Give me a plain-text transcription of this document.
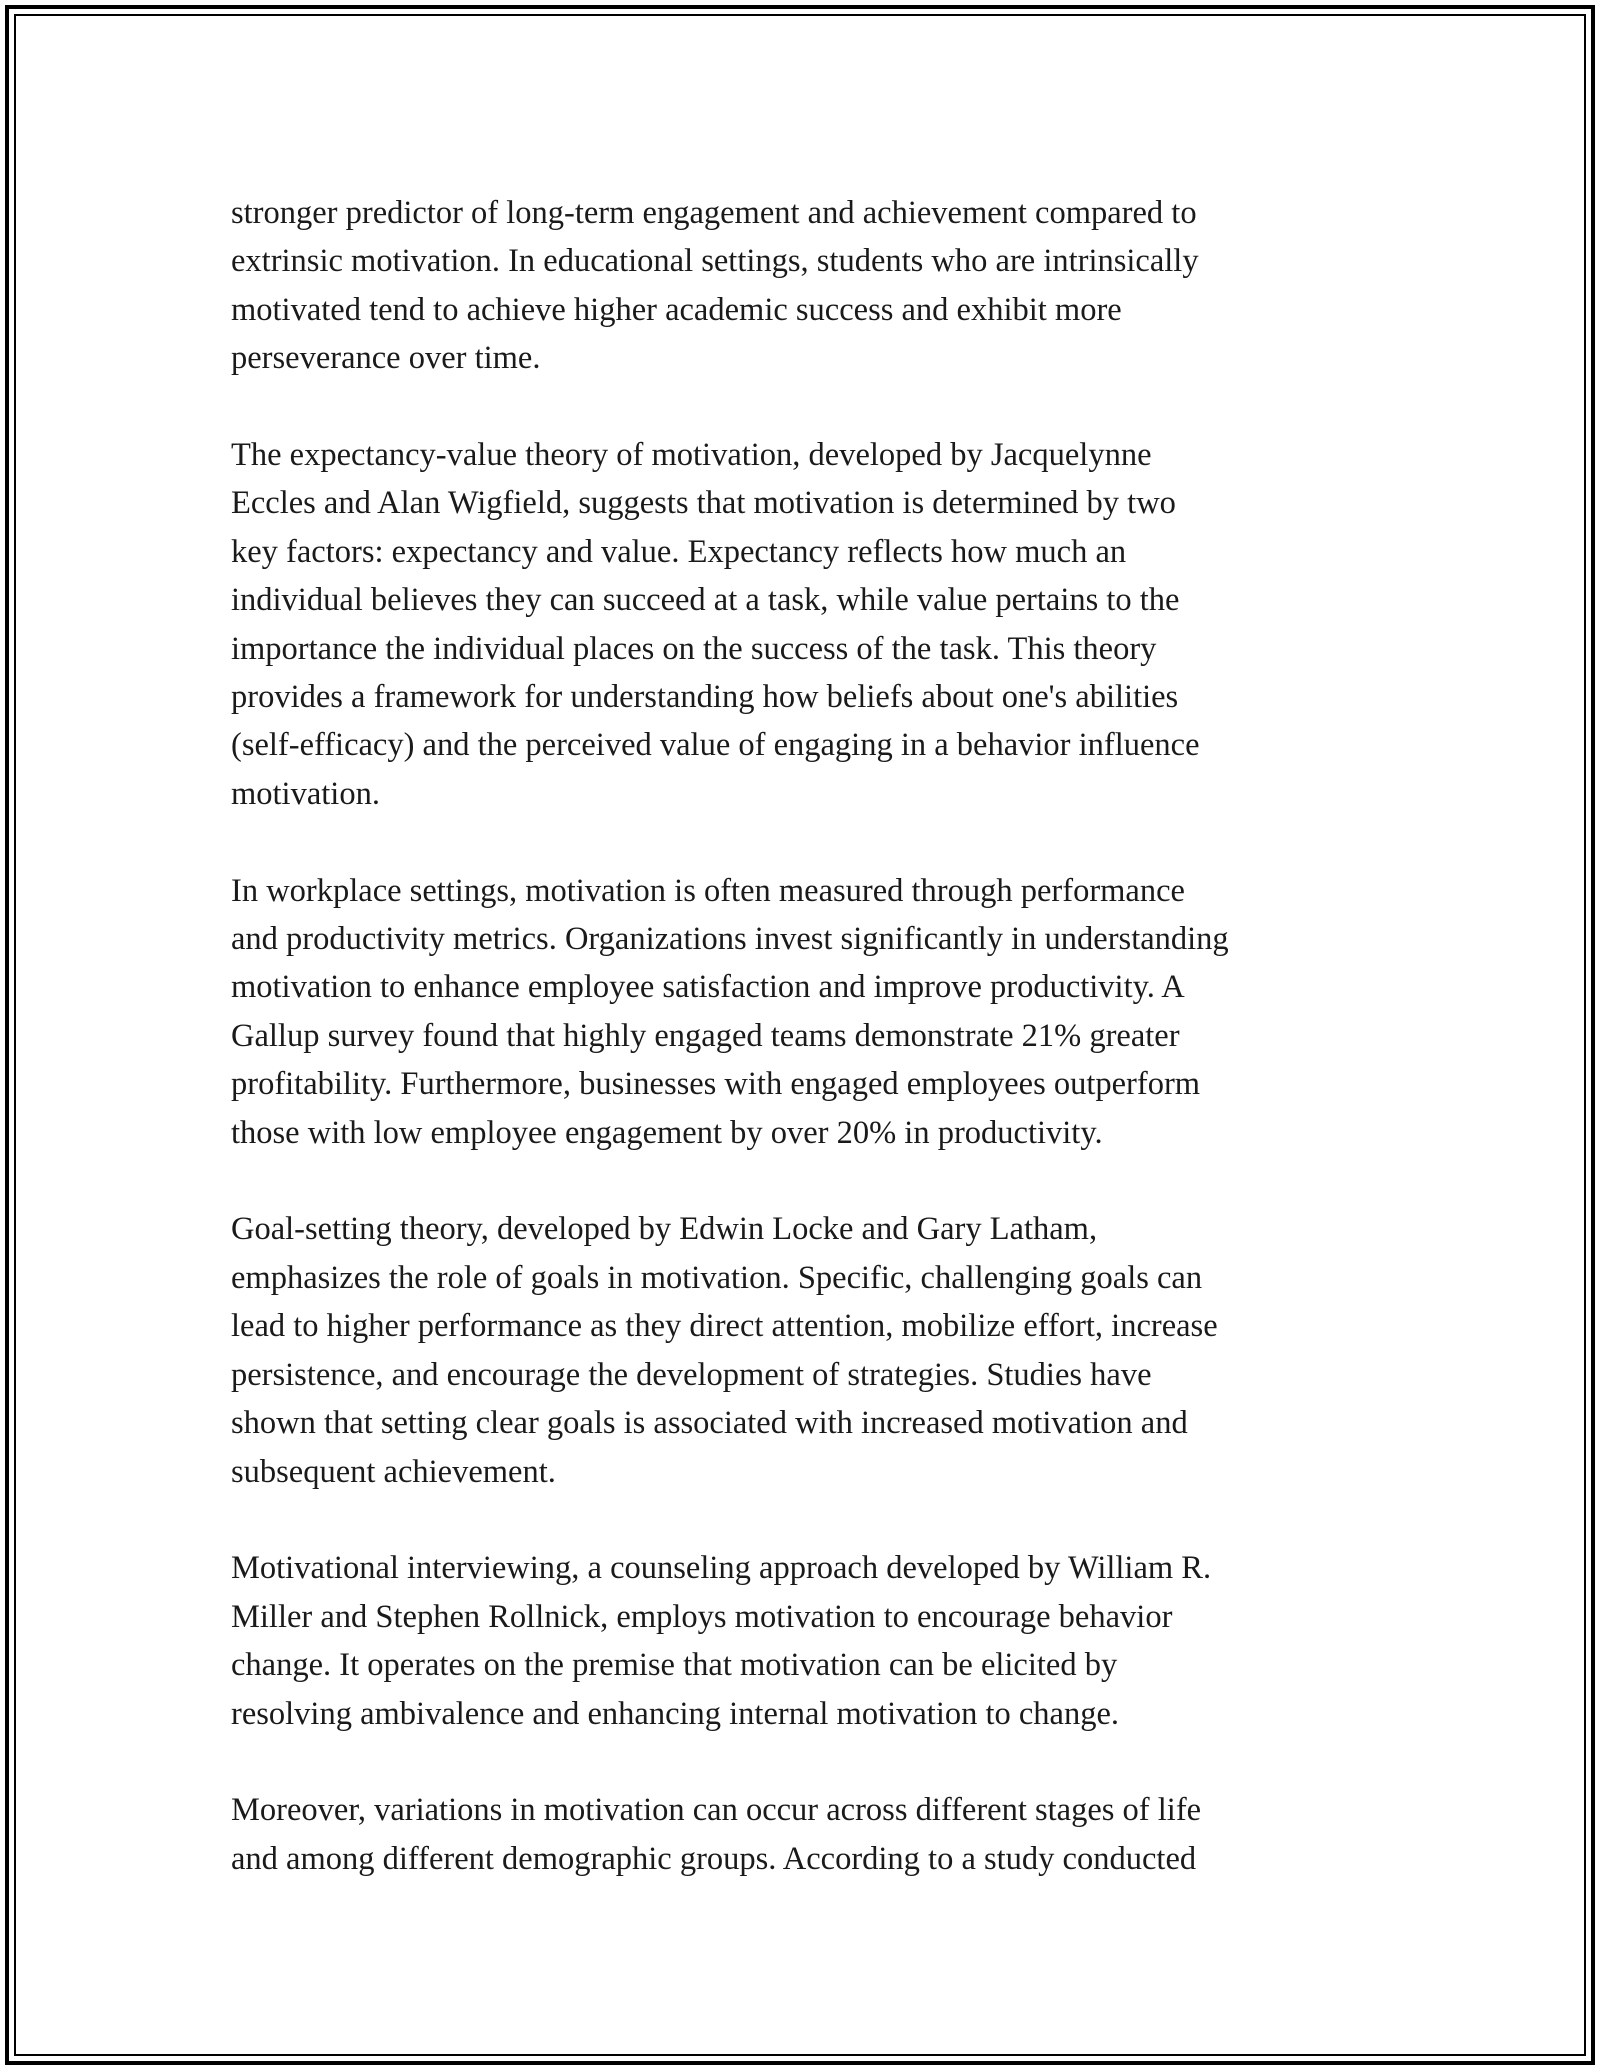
stronger predictor of long-term engagement and achievement compared to
extrinsic motivation. In educational settings, students who are intrinsically
motivated tend to achieve higher academic success and exhibit more
perseverance over time.

The expectancy-value theory of motivation, developed by Jacquelynne
Eccles and Alan Wigfield, suggests that motivation is determined by two
key factors: expectancy and value. Expectancy reflects how much an
individual believes they can succeed at a task, while value pertains to the
importance the individual places on the success of the task. This theory
provides a framework for understanding how beliefs about one's abilities
(self-efficacy) and the perceived value of engaging in a behavior influence
motivation.

In workplace settings, motivation is often measured through performance
and productivity metrics. Organizations invest significantly in understanding
motivation to enhance employee satisfaction and improve productivity. A
Gallup survey found that highly engaged teams demonstrate 21% greater
profitability. Furthermore, businesses with engaged employees outperform
those with low employee engagement by over 20% in productivity.

Goal-setting theory, developed by Edwin Locke and Gary Latham,
emphasizes the role of goals in motivation. Specific, challenging goals can
lead to higher performance as they direct attention, mobilize effort, increase
persistence, and encourage the development of strategies. Studies have
shown that setting clear goals is associated with increased motivation and
subsequent achievement.

Motivational interviewing, a counseling approach developed by William R.
Miller and Stephen Rollnick, employs motivation to encourage behavior
change. It operates on the premise that motivation can be elicited by
resolving ambivalence and enhancing internal motivation to change.

Moreover, variations in motivation can occur across different stages of life
and among different demographic groups. According to a study conducted
